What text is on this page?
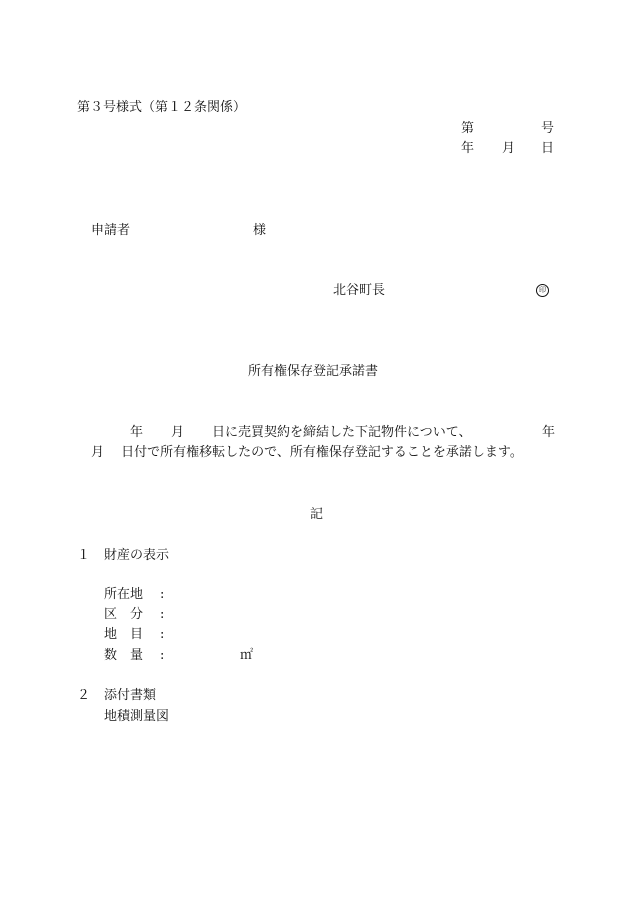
第３号様式（第１２条関係）
第	号
年 月 日
申請者	様
北谷町長	印
所有権保存登記承諾書
年 月 日に売買契約を締結した下記物件について、	年
月　 日付で所有権移転したので、所有権保存登記することを承諾します。
記
１ 財産の表示
所在地 :
区　分 :
地　目 :
数　量 :	㎡
２ 添付書類
地積測量図
